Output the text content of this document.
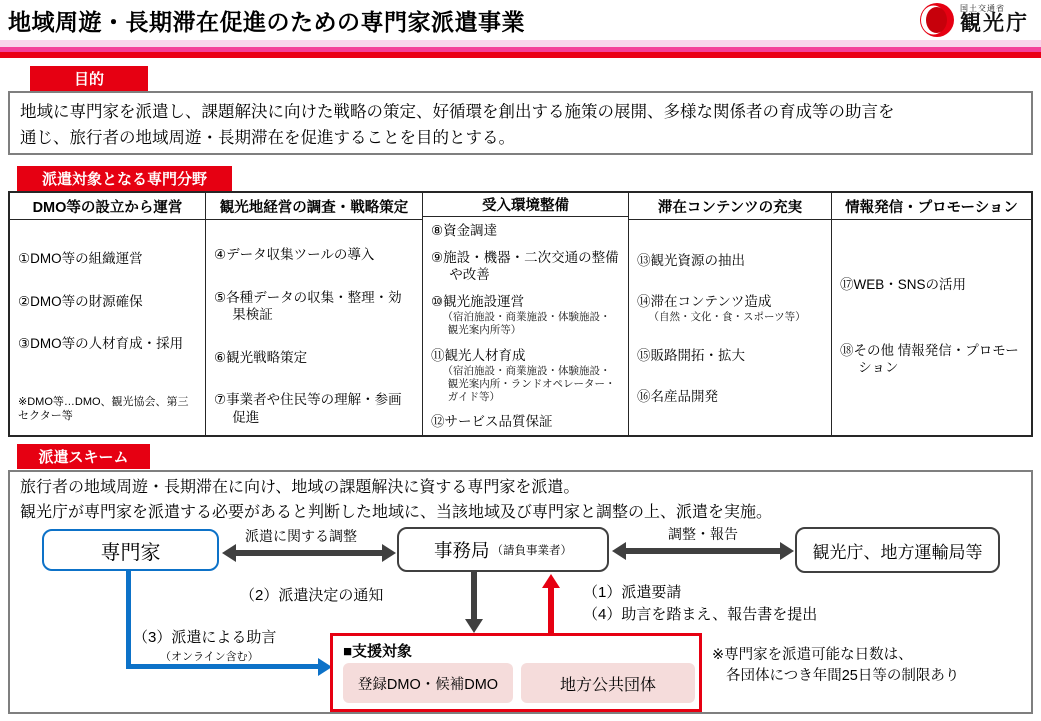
地域周遊・長期滞在促進のための専門家派遣事業
国土交通省
観光庁
目的
地域に専門家を派遣し、課題解決に向けた戦略の策定、好循環を創出する施策の展開、多様な関係者の育成等の助言を
通じ、旅行者の地域周遊・長期滞在を促進することを目的とする。
派遣対象となる専門分野
DMO等の設立から運営
①DMO等の組織運営
②DMO等の財源確保
③DMO等の人材育成・採用
※DMO等…DMO、観光協会、第三セクター等
観光地経営の調査・戦略策定
④データ収集ツールの導入
⑤各種データの収集・整理・効果検証
⑥観光戦略策定
⑦事業者や住民等の理解・参画促進
受入環境整備
⑧資金調達
⑨施設・機器・二次交通の整備や改善
⑩観光施設運営
（宿泊施設・商業施設・体験施設・観光案内所等）
⑪観光人材育成
（宿泊施設・商業施設・体験施設・観光案内所・ランドオペレーター・ガイド等）
⑫サービス品質保証
滞在コンテンツの充実
⑬観光資源の抽出
⑭滞在コンテンツ造成
（自然・文化・食・スポーツ等）
⑮販路開拓・拡大
⑯名産品開発
情報発信・プロモーション
⑰WEB・SNSの活用
⑱その他 情報発信・プロモーション
派遣スキーム
旅行者の地域周遊・長期滞在に向け、地域の課題解決に資する専門家を派遣。
観光庁が専門家を派遣する必要があると判断した地域に、当該地域及び専門家と調整の上、派遣を実施。
専門家	事務局 （請負事業者）	観光庁、地方運輸局等
派遣に関する調整	調整・報告
（2）派遣決定の通知	（1）派遣要請
（4）助言を踏まえ、報告書を提出
（3）派遣による助言
（オンライン含む）	■支援対象
登録DMO・候補DMO	地方公共団体
※専門家を派遣可能な日数は、
各団体につき年間25日等の制限あり
